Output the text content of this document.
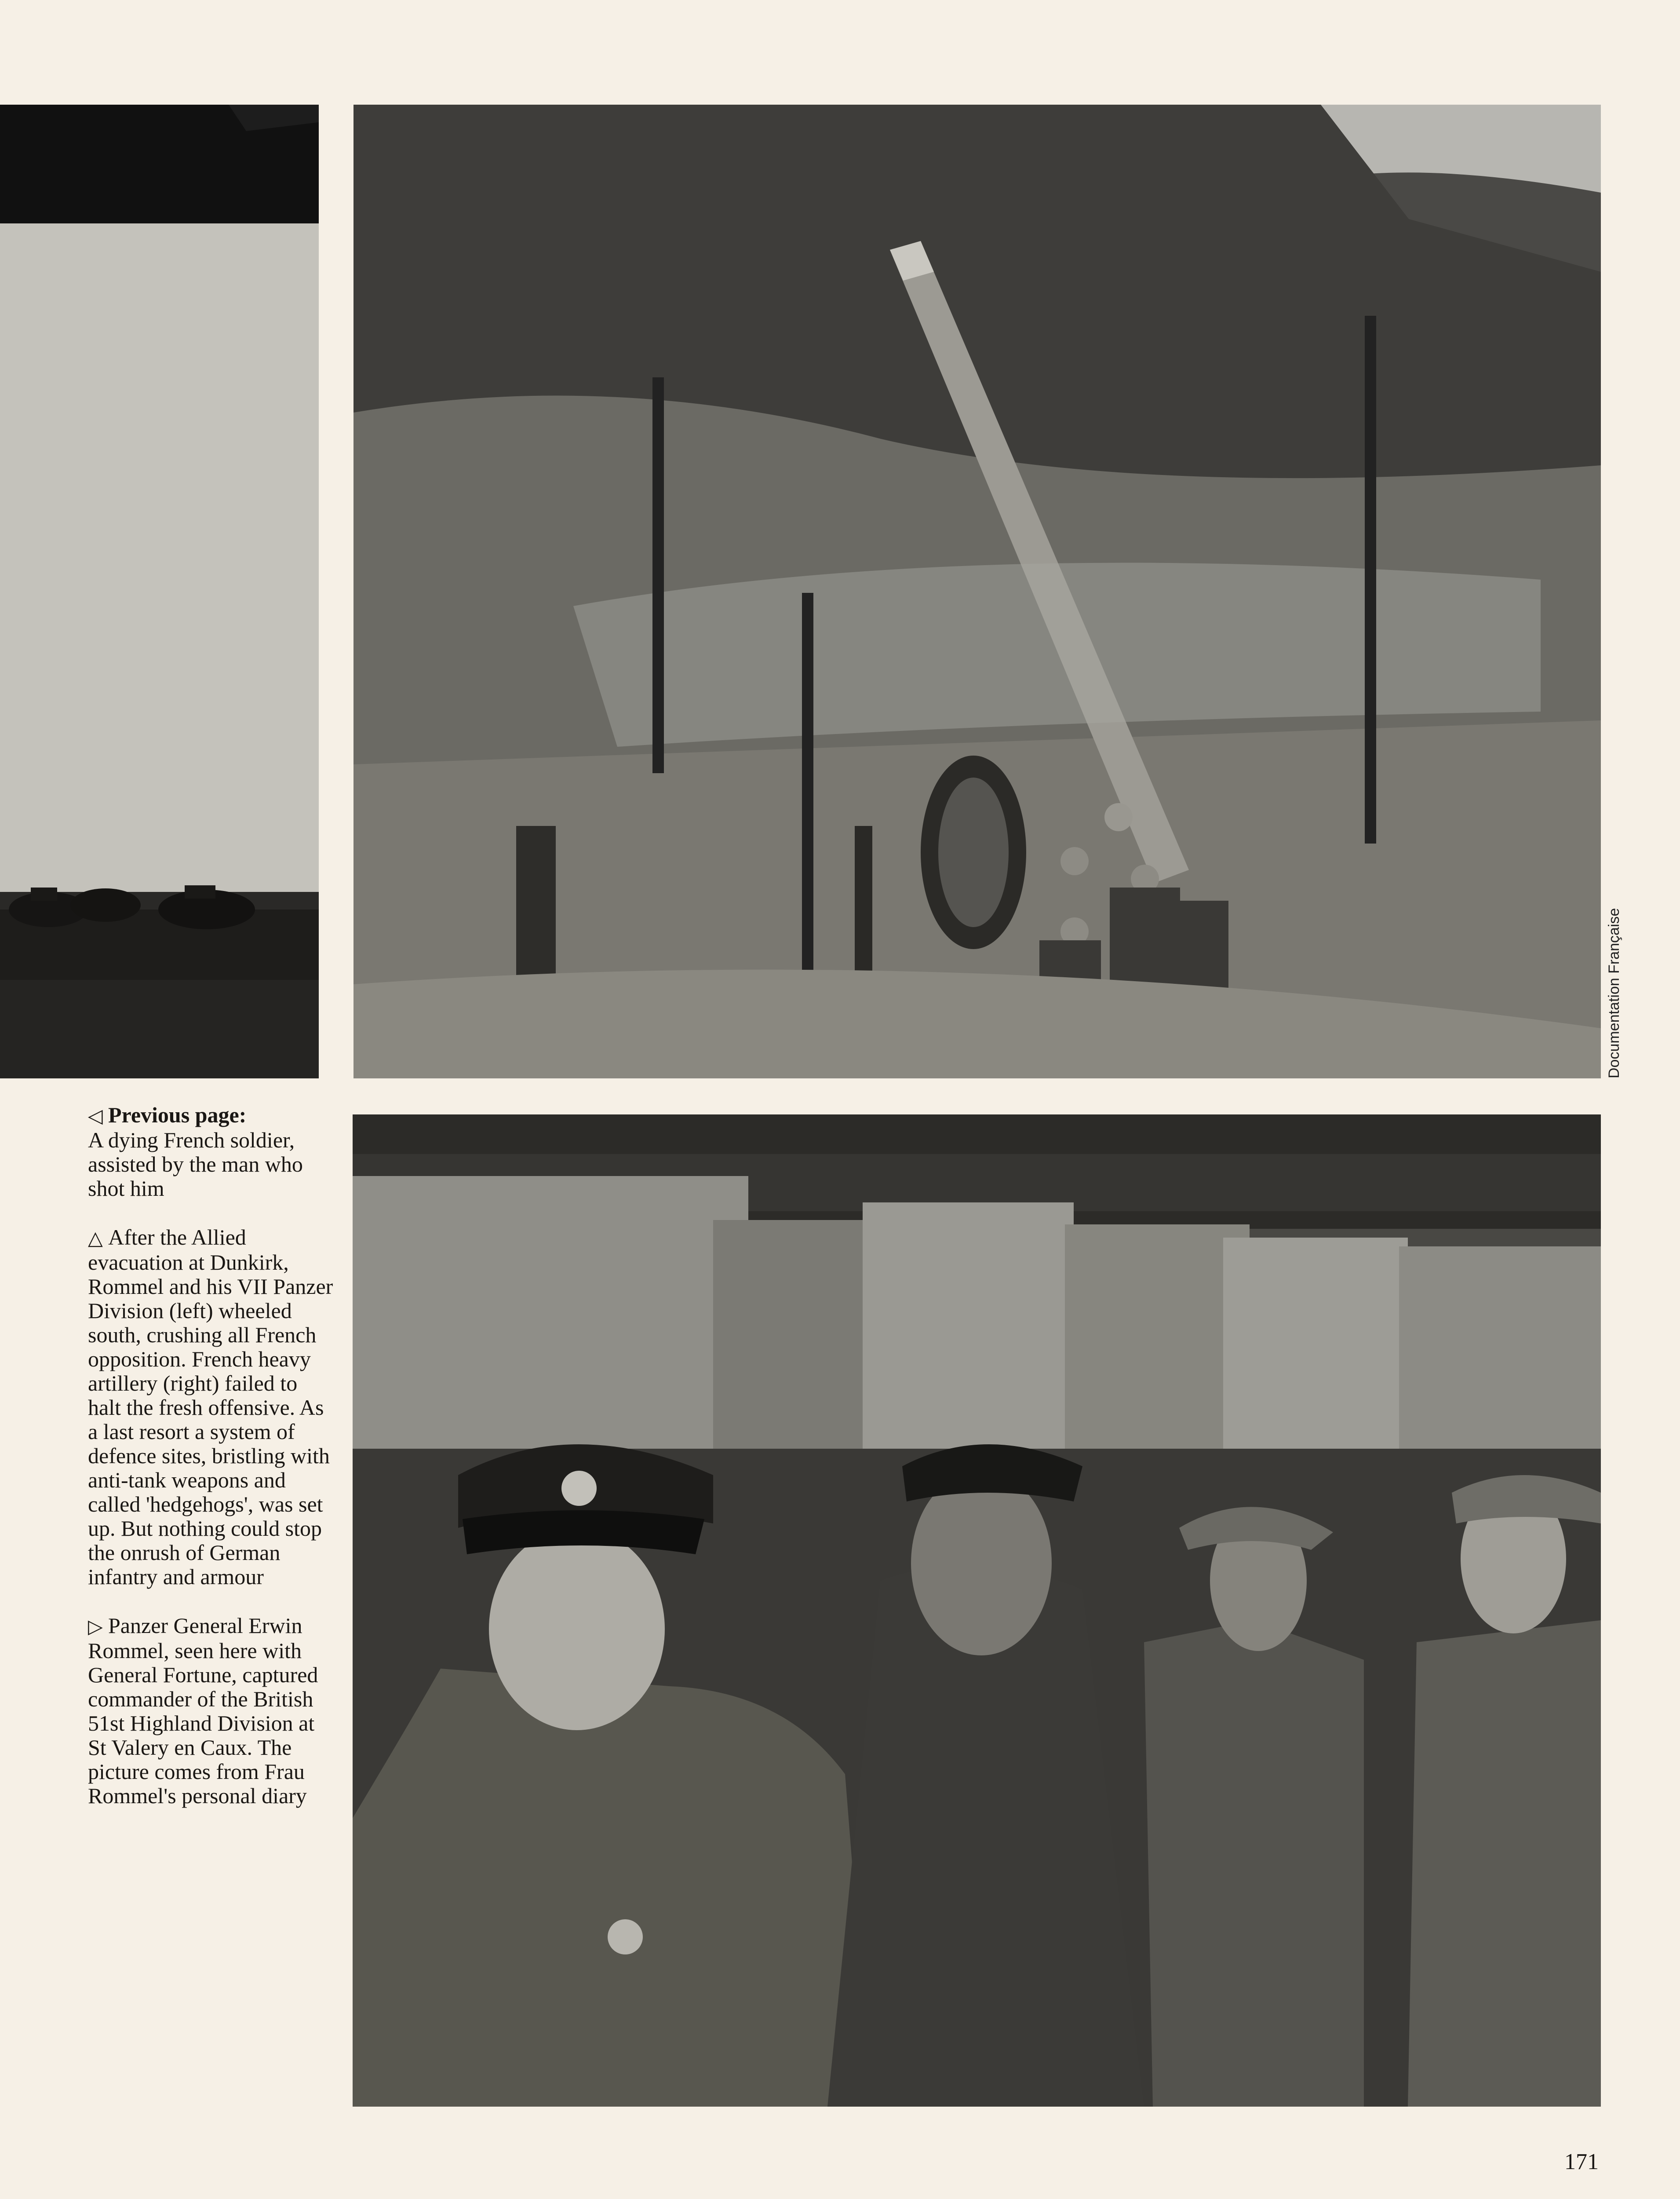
Documentation Française

◁ Previous page:
A dying French soldier, assisted by the man who shot him

△ After the Allied evacuation at Dunkirk, Rommel and his VII Panzer Division (left) wheeled south, crushing all French opposition. French heavy artillery (right) failed to halt the fresh offensive. As a last resort a system of defence sites, bristling with anti-tank weapons and called 'hedgehogs', was set up. But nothing could stop the onrush of German infantry and armour

▷ Panzer General Erwin Rommel, seen here with General Fortune, captured commander of the British 51st Highland Division at St Valery en Caux. The picture comes from Frau Rommel's personal diary

171
